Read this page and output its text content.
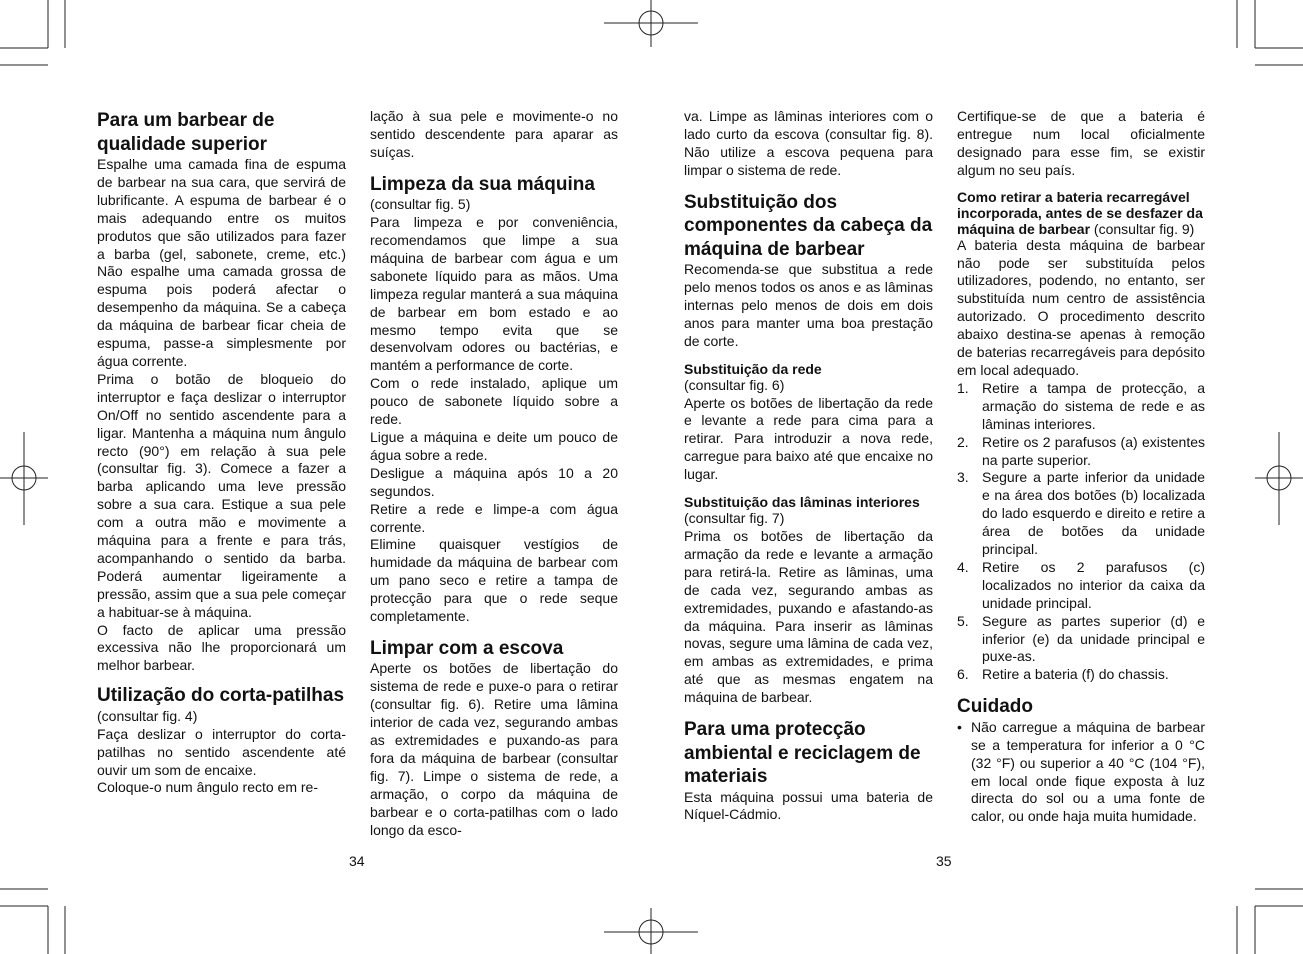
Para um barbear de qualidade superior

Espalhe uma camada fina de espuma de barbear na sua cara, que servirá de lubrificante. A espuma de barbear é o mais adequando entre os muitos produtos que são utilizados para fazer a barba (gel, sabonete, creme, etc.) Não espalhe uma camada grossa de espuma pois poderá afectar o desempenho da máquina. Se a cabeça da máquina de barbear ficar cheia de espuma, passe-a simplesmente por água corrente.

Prima o botão de bloqueio do interruptor e faça deslizar o interruptor On/Off no sentido ascendente para a ligar. Mantenha a máquina num ângulo recto (90°) em relação à sua pele (consultar fig. 3). Comece a fazer a barba aplicando uma leve pressão sobre a sua cara. Estique a sua pele com a outra mão e movimente a máquina para a frente e para trás, acompanhando o sentido da barba. Poderá aumentar ligeiramente a pressão, assim que a sua pele começar a habituar-se à máquina.

O facto de aplicar uma pressão excessiva não lhe proporcionará um melhor barbear.

Utilização do corta-patilhas

(consultar fig. 4)

Faça deslizar o interruptor do corta-patilhas no sentido ascendente até ouvir um som de encaixe.

Coloque-o num ângulo recto em re-

lação à sua pele e movimente-o no sentido descendente para aparar as suíças.

Limpeza da sua máquina

(consultar fig. 5)

Para limpeza e por conveniência, recomendamos que limpe a sua máquina de barbear com água e um sabonete líquido para as mãos. Uma limpeza regular manterá a sua máquina de barbear em bom estado e ao mesmo tempo evita que se desenvolvam odores ou bactérias, e mantém a performance de corte.

Com o rede instalado, aplique um pouco de sabonete líquido sobre a rede.

Ligue a máquina e deite um pouco de água sobre a rede.

Desligue a máquina após 10 a 20 segundos.

Retire a rede e limpe-a com água corrente.

Elimine quaisquer vestígios de humidade da máquina de barbear com um pano seco e retire a tampa de protecção para que o rede seque completamente.

Limpar com a escova

Aperte os botões de libertação do sistema de rede e puxe-o para o retirar (consultar fig. 6). Retire uma lâmina interior de cada vez, segurando ambas as extremidades e puxando-as para fora da máquina de barbear (consultar fig. 7). Limpe o sistema de rede, a armação, o corpo da máquina de barbear e o corta-patilhas com o lado longo da esco-

34

va. Limpe as lâminas interiores com o lado curto da escova (consultar fig. 8). Não utilize a escova pequena para limpar o sistema de rede.

Substituição dos componentes da cabeça da máquina de barbear

Recomenda-se que substitua a rede pelo menos todos os anos e as lâminas internas pelo menos de dois em dois anos para manter uma boa prestação de corte.

Substituição da rede

(consultar fig. 6)

Aperte os botões de libertação da rede e levante a rede para cima para a retirar. Para introduzir a nova rede, carregue para baixo até que encaixe no lugar.

Substituição das lâminas interiores

(consultar fig. 7)

Prima os botões de libertação da armação da rede e levante a armação para retirá-la. Retire as lâminas, uma de cada vez, segurando ambas as extremidades, puxando e afastando-as da máquina. Para inserir as lâminas novas, segure uma lâmina de cada vez, em ambas as extremidades, e prima até que as mesmas engatem na máquina de barbear.

Para uma protecção ambiental e reciclagem de materiais

Esta máquina possui uma bateria de Níquel-Cádmio.

Certifique-se de que a bateria é entregue num local oficialmente designado para esse fim, se existir algum no seu país.

Como retirar a bateria recarregável incorporada, antes de se desfazer da máquina de barbear (consultar fig. 9)

A bateria desta máquina de barbear não pode ser substituída pelos utilizadores, podendo, no entanto, ser substituída num centro de assistência autorizado. O procedimento descrito abaixo destina-se apenas à remoção de baterias recarregáveis para depósito em local adequado.

1. Retire a tampa de protecção, a armação do sistema de rede e as lâminas interiores.
2. Retire os 2 parafusos (a) existentes na parte superior.
3. Segure a parte inferior da unidade e na área dos botões (b) localizada do lado esquerdo e direito e retire a área de botões da unidade principal.
4. Retire os 2 parafusos (c) localizados no interior da caixa da unidade principal.
5. Segure as partes superior (d) e inferior (e) da unidade principal e puxe-as.
6. Retire a bateria (f) do chassis.
Cuidado
• Não carregue a máquina de barbear se a temperatura for inferior a 0 °C (32 °F) ou superior a 40 °C (104 °F), em local onde fique exposta à luz directa do sol ou a uma fonte de calor, ou onde haja muita humidade.
35
